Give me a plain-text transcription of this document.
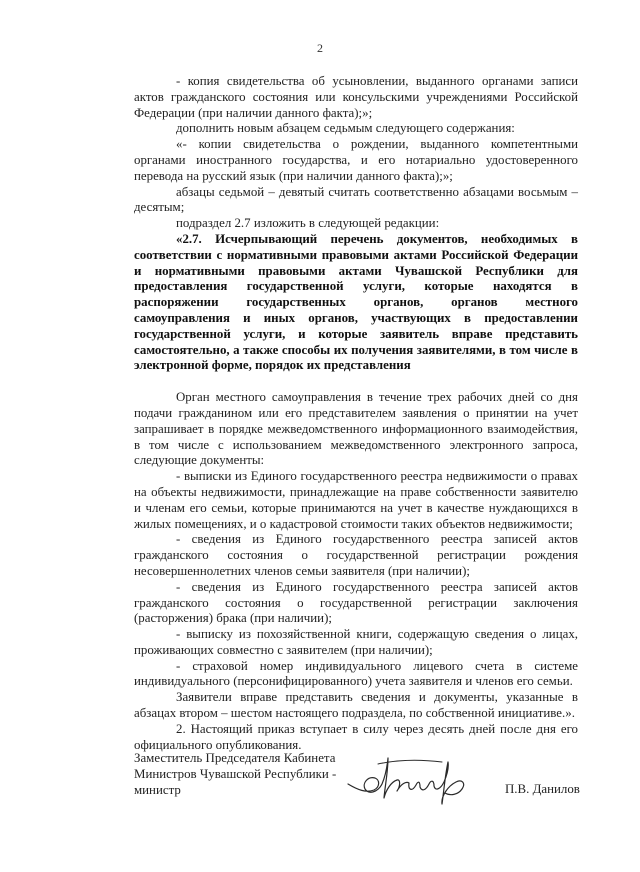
2

- копия свидетельства об усыновлении, выданного органами записи актов гражданского состояния или консульскими учреждениями Российской Федерации (при наличии данного факта);»;

дополнить новым абзацем седьмым следующего содержания:

«- копии свидетельства о рождении, выданного компетентными органами иностранного государства, и его нотариально удостоверенного перевода на русский язык (при наличии данного факта);»;

абзацы седьмой – девятый считать соответственно абзацами восьмым – десятым;

подраздел 2.7 изложить в следующей редакции:

«2.7. Исчерпывающий перечень документов, необходимых в соответствии с нормативными правовыми актами Российской Федерации и нормативными правовыми актами Чувашской Республики для предоставления государственной услуги, которые находятся в распоряжении государственных органов, органов местного самоуправления и иных органов, участвующих в предоставлении государственной услуги, и которые заявитель вправе представить самостоятельно, а также способы их получения заявителями, в том числе в электронной форме, порядок их представления

Орган местного самоуправления в течение трех рабочих дней со дня подачи гражданином или его представителем заявления о принятии на учет запрашивает в порядке межведомственного информационного взаимодействия, в том числе с использованием межведомственного электронного запроса, следующие документы:

- выписки из Единого государственного реестра недвижимости о правах на объекты недвижимости, принадлежащие на праве собственности заявителю и членам его семьи, которые принимаются на учет в качестве нуждающихся в жилых помещениях, и о кадастровой стоимости таких объектов недвижимости;

- сведения из Единого государственного реестра записей актов гражданского состояния о государственной регистрации рождения несовершеннолетних членов семьи заявителя (при наличии);

- сведения из Единого государственного реестра записей актов гражданского состояния о государственной регистрации заключения (расторжения) брака (при наличии);

- выписку из похозяйственной книги, содержащую сведения о лицах, проживающих совместно с заявителем (при наличии);

- страховой номер индивидуального лицевого счета в системе индивидуального (персонифицированного) учета заявителя и членов его семьи.

Заявители вправе представить сведения и документы, указанные в абзацах втором – шестом настоящего подраздела, по собственной инициативе.».

2. Настоящий приказ вступает в силу через десять дней после дня его официального опубликования.

Заместитель Председателя Кабинета
Министров Чувашской Республики -
министр	П.В. Данилов
